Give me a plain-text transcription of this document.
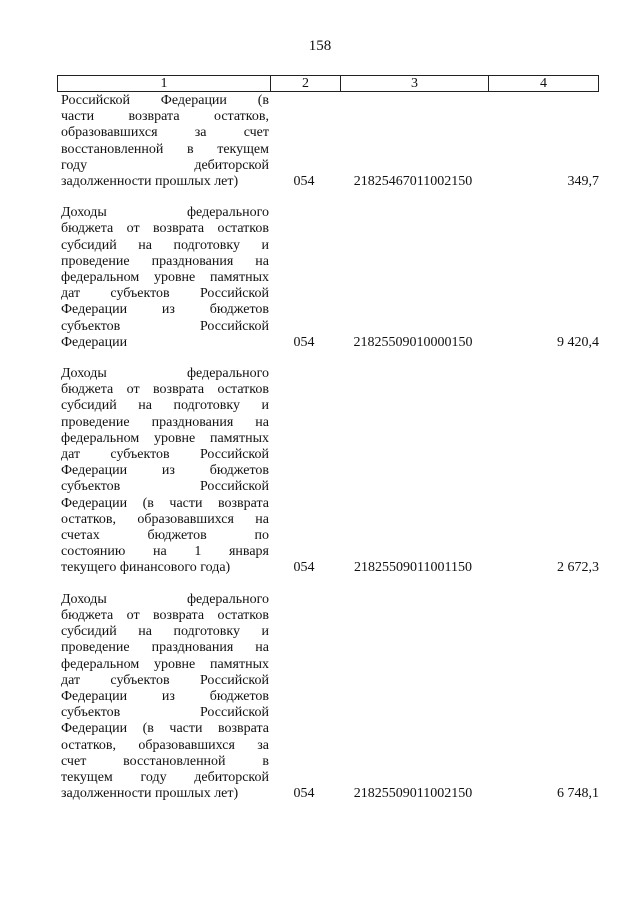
158
1	2	3	4
Российской Федерации (в
части возврата остатков,
образовавшихся за счет
восстановленной в текущем
году дебиторской
задолженности прошлых лет)	054	21825467011002150	349,7
Доходы федерального
бюджета от возврата остатков
субсидий на подготовку и
проведение празднования на
федеральном уровне памятных
дат субъектов Российской
Федерации из бюджетов
субъектов Российской
Федерации	054	21825509010000150	9 420,4
Доходы федерального
бюджета от возврата остатков
субсидий на подготовку и
проведение празднования на
федеральном уровне памятных
дат субъектов Российской
Федерации из бюджетов
субъектов Российской
Федерации (в части возврата
остатков, образовавшихся на
счетах бюджетов по
состоянию на 1 января
текущего финансового года)	054	21825509011001150	2 672,3
Доходы федерального
бюджета от возврата остатков
субсидий на подготовку и
проведение празднования на
федеральном уровне памятных
дат субъектов Российской
Федерации из бюджетов
субъектов Российской
Федерации (в части возврата
остатков, образовавшихся за
счет восстановленной в
текущем году дебиторской
задолженности прошлых лет)	054	21825509011002150	6 748,1
